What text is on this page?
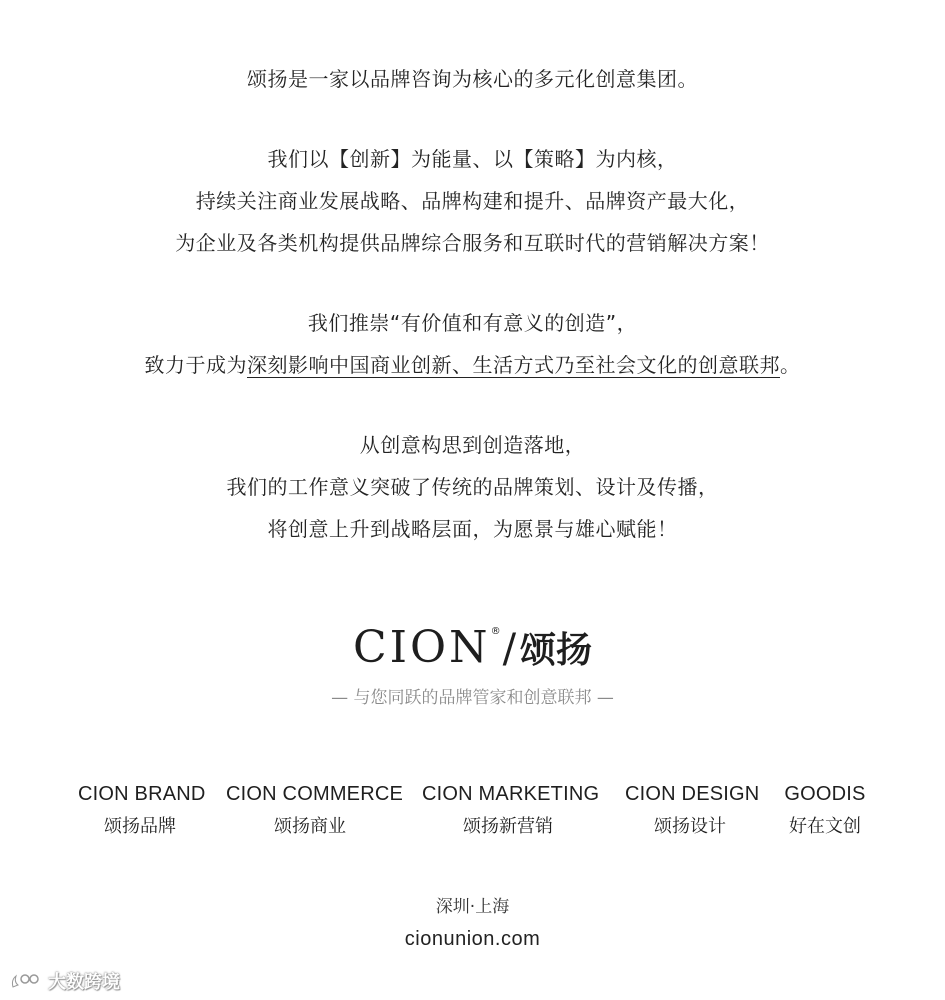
颂扬是一家以品牌咨询为核心的多元化创意集团。
我们以【创新】为能量、以【策略】为内核，
持续关注商业发展战略、品牌构建和提升、品牌资产最大化，
为企业及各类机构提供品牌综合服务和互联时代的营销解决方案！
我们推崇“有价值和有意义的创造”，
致力于成为深刻影响中国商业创新、生活方式乃至社会文化的创意联邦。
从创意构思到创造落地，
我们的工作意义突破了传统的品牌策划、设计及传播，
将创意上升到战略层面，为愿景与雄心赋能！
CION®/ 颂扬
— 与您同跃的品牌管家和创意联邦 —
CION BRAND
颂扬品牌
CION COMMERCE
颂扬商业
CION MARKETING
颂扬新营销
CION DESIGN
颂扬设计
GOODIS
好在文创
深圳·上海
cionunion.com
大数跨境
